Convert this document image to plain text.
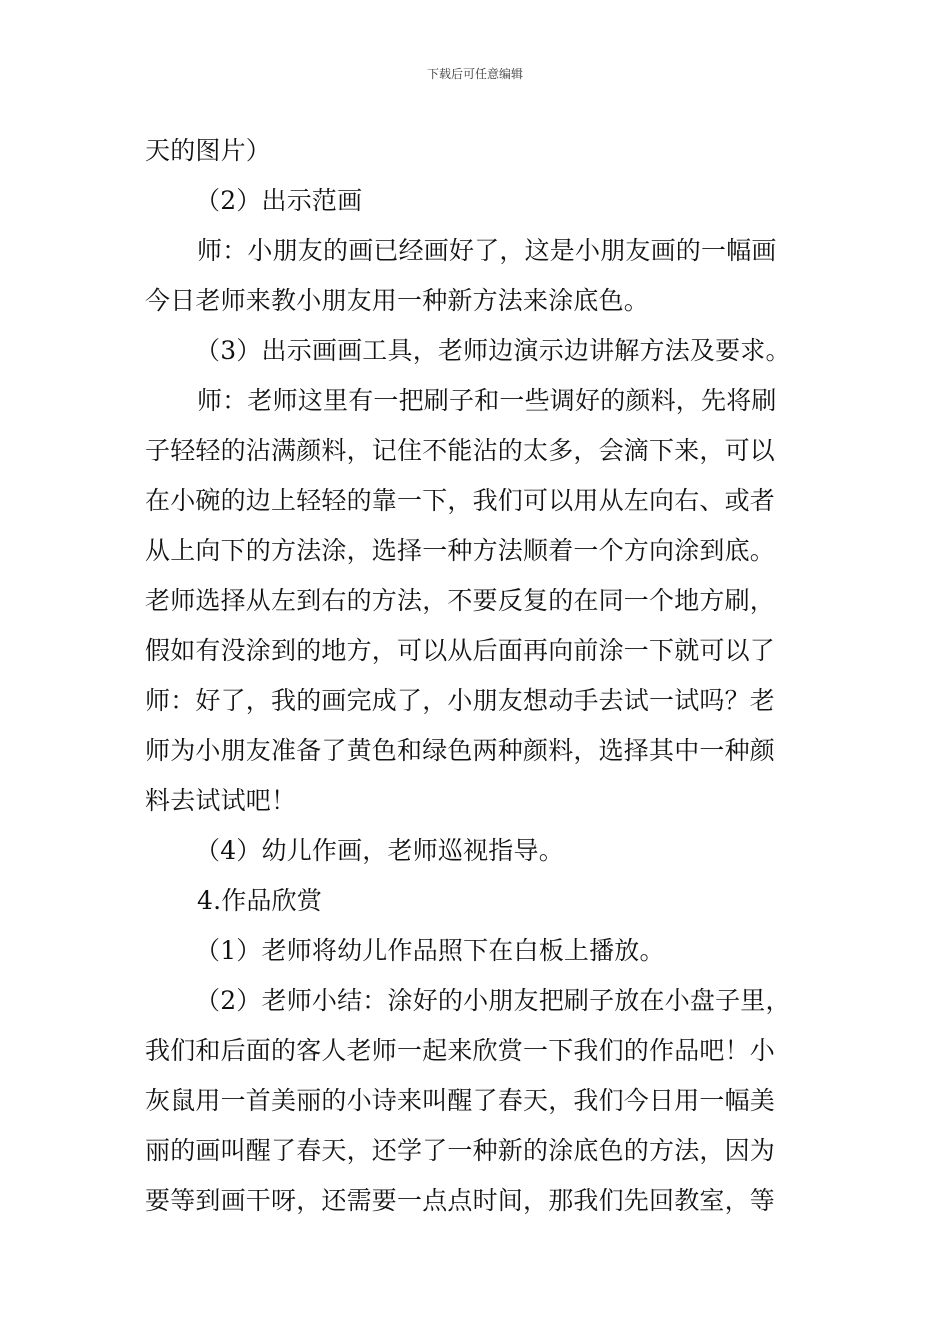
下载后可任意编辑
天的图片）
（2）出示范画
师：小朋友的画已经画好了，这是小朋友画的一幅画
今日老师来教小朋友用一种新方法来涂底色。
（3）出示画画工具，老师边演示边讲解方法及要求。
师：老师这里有一把刷子和一些调好的颜料，先将刷
子轻轻的沾满颜料，记住不能沾的太多，会滴下来，可以
在小碗的边上轻轻的靠一下，我们可以用从左向右、或者
从上向下的方法涂，选择一种方法顺着一个方向涂到底。
老师选择从左到右的方法，不要反复的在同一个地方刷，
假如有没涂到的地方，可以从后面再向前涂一下就可以了
师：好了，我的画完成了，小朋友想动手去试一试吗？老
师为小朋友准备了黄色和绿色两种颜料，选择其中一种颜
料去试试吧！
（4）幼儿作画，老师巡视指导。
4.作品欣赏
（1）老师将幼儿作品照下在白板上播放。
（2）老师小结：涂好的小朋友把刷子放在小盘子里，
我们和后面的客人老师一起来欣赏一下我们的作品吧！小
灰鼠用一首美丽的小诗来叫醒了春天，我们今日用一幅美
丽的画叫醒了春天，还学了一种新的涂底色的方法，因为
要等到画干呀，还需要一点点时间，那我们先回教室，等
